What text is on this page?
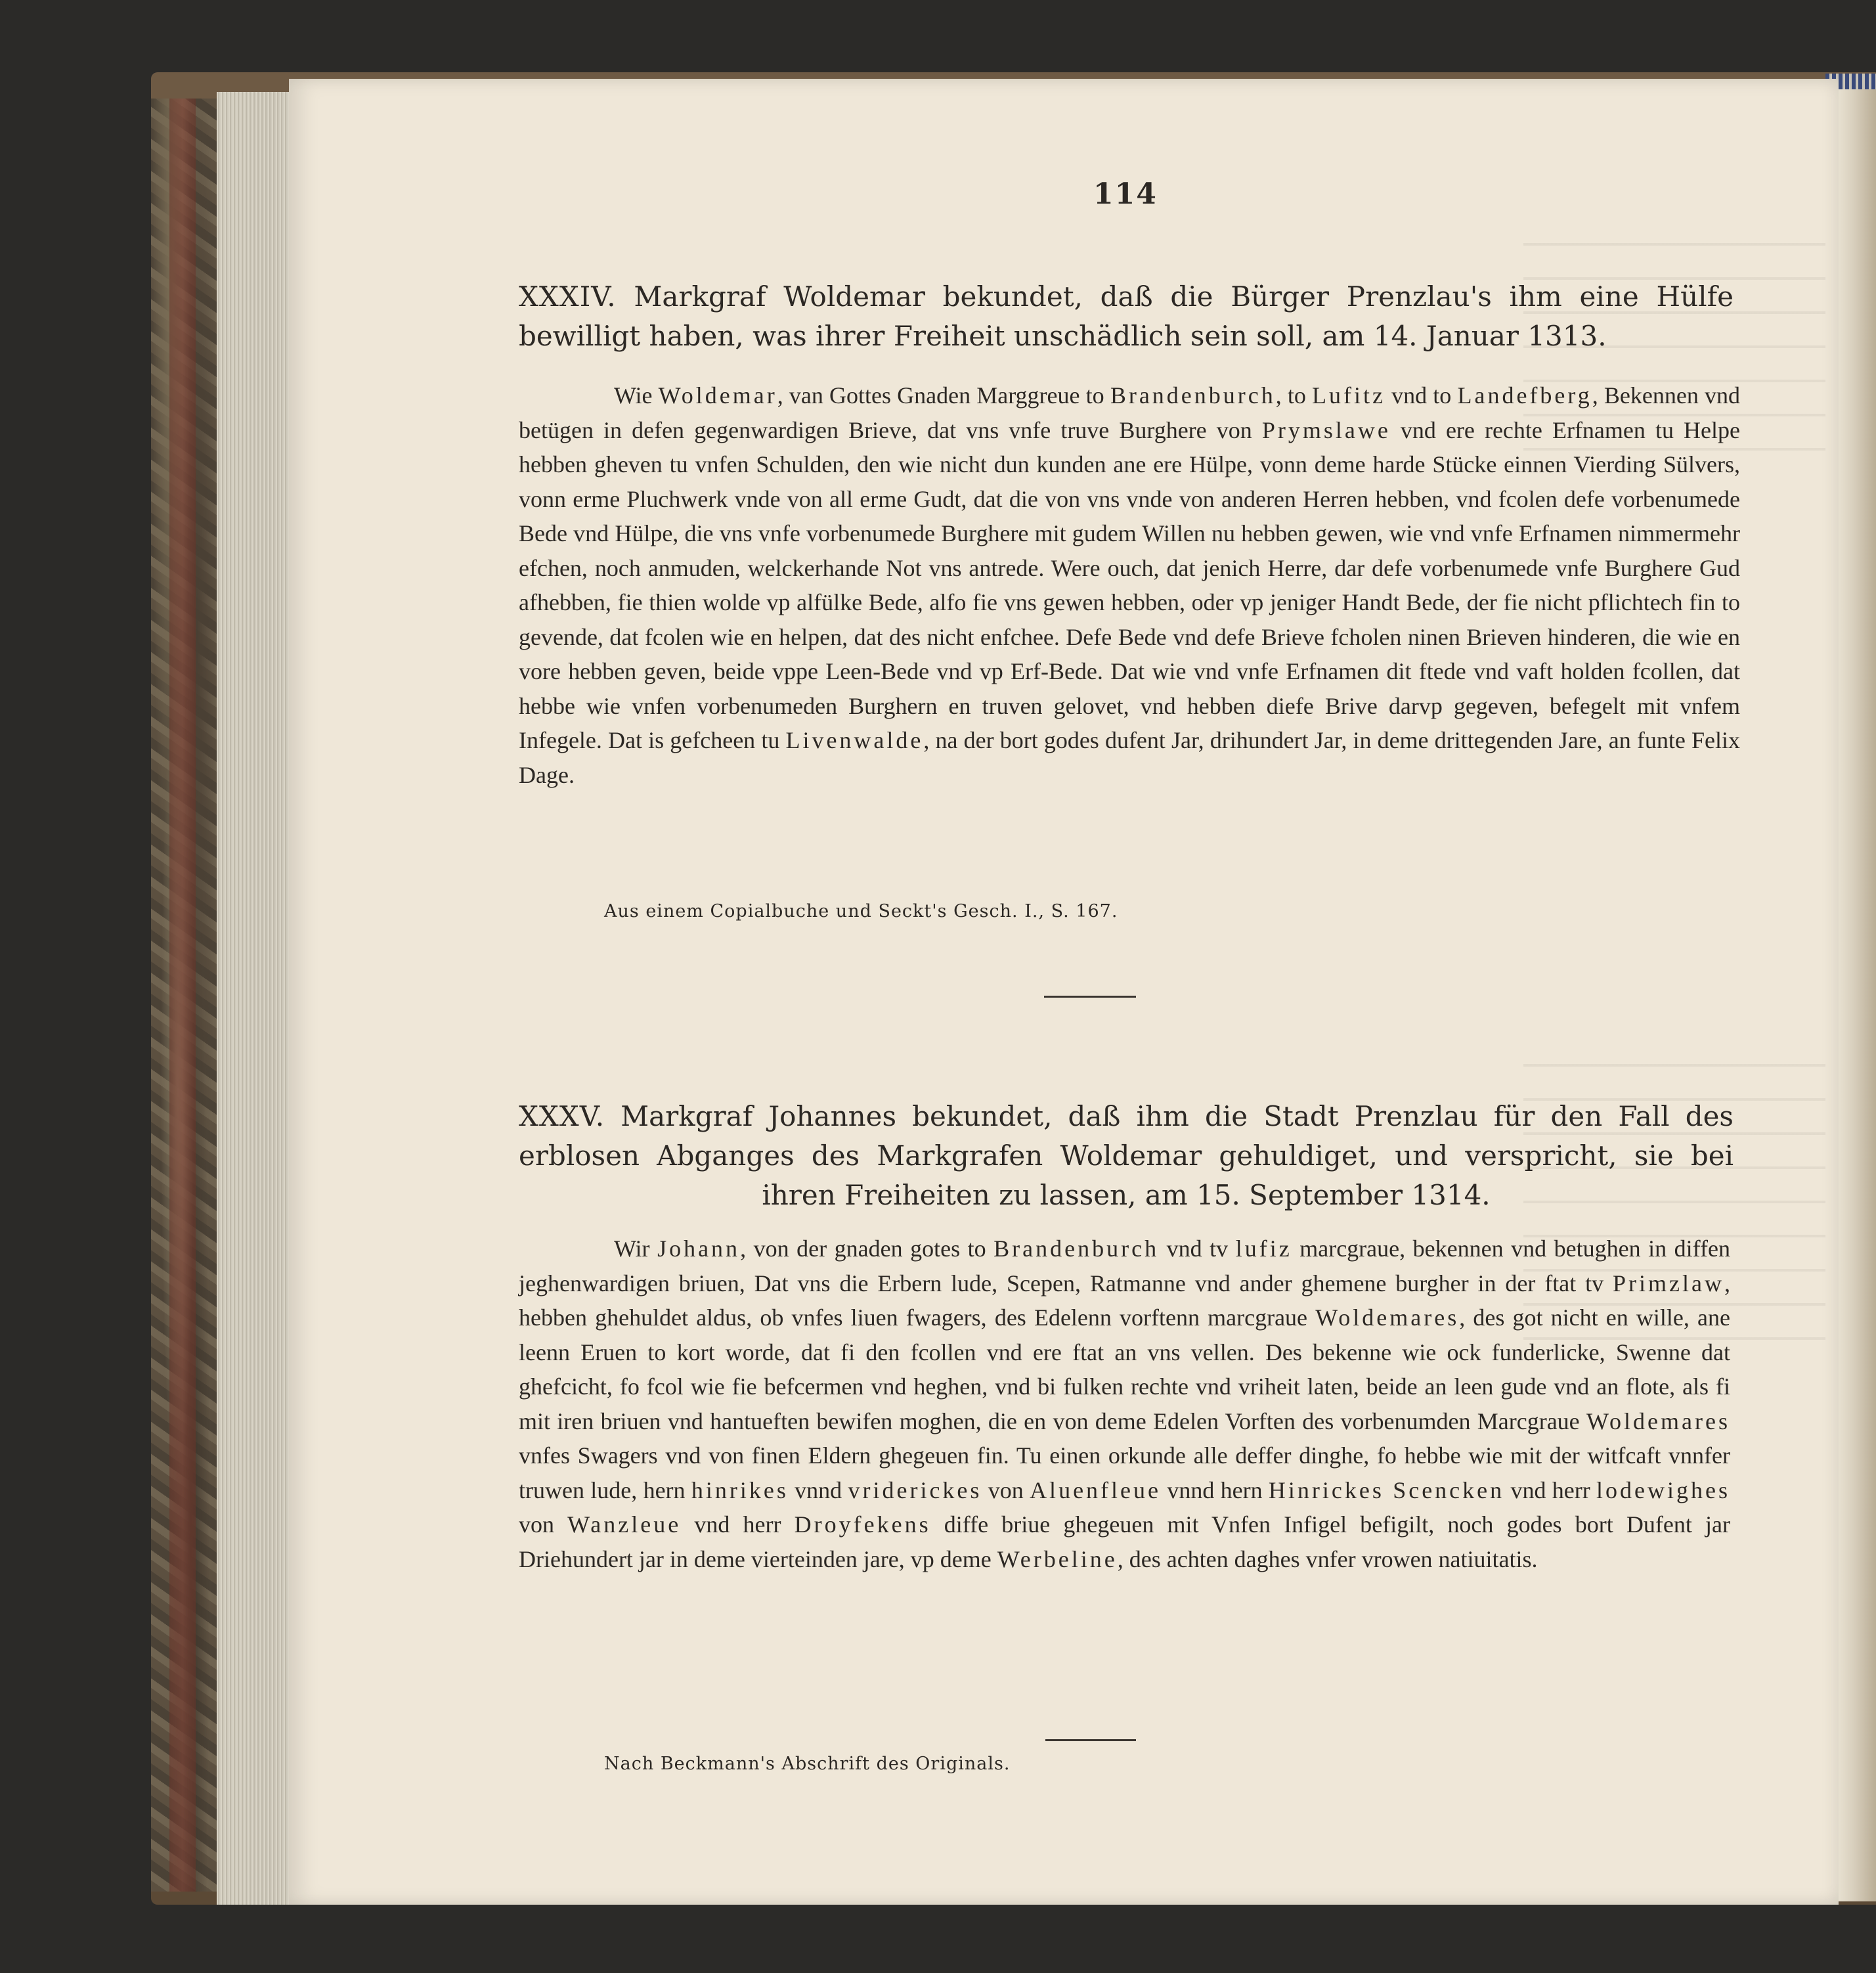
114
XXXIV. Markgraf Woldemar bekundet, daß die Bürger Prenzlau's ihm eine Hülfe bewilligt haben, was ihrer Freiheit unschädlich sein soll, am 14. Januar 1313.
Wie Woldemar, van Gottes Gnaden Marggreue to Brandenburch, to Lufitz vnd to Landefberg, Bekennen vnd betügen in defen gegenwardigen Brieve, dat vns vnfe truve Burghere von Prymslawe vnd ere rechte Erfnamen tu Helpe hebben gheven tu vnfen Schulden, den wie nicht dun kunden ane ere Hülpe, vonn deme harde Stücke einnen Vierding Sülvers, vonn erme Pluchwerk vnde von all erme Gudt, dat die von vns vnde von anderen Herren hebben, vnd fcolen defe vorbenumede Bede vnd Hülpe, die vns vnfe vorbenumede Burghere mit gudem Willen nu hebben gewen, wie vnd vnfe Erfnamen nimmermehr efchen, noch anmuden, welckerhande Not vns antrede. Were ouch, dat jenich Herre, dar defe vorbenumede vnfe Burghere Gud afhebben, fie thien wolde vp alfülke Bede, alfo fie vns gewen hebben, oder vp jeniger Handt Bede, der fie nicht pflichtech fin to gevende, dat fcolen wie en helpen, dat des nicht enfchee. Defe Bede vnd defe Brieve fcholen ninen Brieven hinderen, die wie en vore hebben geven, beide vppe Leen-Bede vnd vp Erf-Bede. Dat wie vnd vnfe Erfnamen dit ftede vnd vaft holden fcollen, dat hebbe wie vnfen vorbenumeden Burghern en truven gelovet, vnd hebben diefe Brive darvp gegeven, befegelt mit vnfem Infegele. Dat is gefcheen tu Livenwalde, na der bort godes dufent Jar, drihundert Jar, in deme drittegenden Jare, an funte Felix Dage.
Aus einem Copialbuche und Seckt's Gesch. I., S. 167.
XXXV. Markgraf Johannes bekundet, daß ihm die Stadt Prenzlau für den Fall des erblosen Abganges des Markgrafen Woldemar gehuldiget, und verspricht, sie bei ihren Freiheiten zu lassen, am 15. September 1314.
Wir Johann, von der gnaden gotes to Brandenburch vnd tv lufiz marcgraue, bekennen vnd betughen in diffen jeghenwardigen briuen, Dat vns die Erbern lude, Scepen, Ratmanne vnd ander ghemene burgher in der ftat tv Primzlaw, hebben ghehuldet aldus, ob vnfes liuen fwagers, des Edelenn vorftenn marcgraue Woldemares, des got nicht en wille, ane leenn Eruen to kort worde, dat fi den fcollen vnd ere ftat an vns vellen. Des bekenne wie ock funderlicke, Swenne dat ghefcicht, fo fcol wie fie befcermen vnd heghen, vnd bi fulken rechte vnd vriheit laten, beide an leen gude vnd an flote, als fi mit iren briuen vnd hantueften bewifen moghen, die en von deme Edelen Vorften des vorbenumden Marcgraue Woldemares vnfes Swagers vnd von finen Eldern ghegeuen fin. Tu einen orkunde alle deffer dinghe, fo hebbe wie mit der witfcaft vnnfer truwen lude, hern hinrikes vnnd vriderickes von Aluenfleue vnnd hern Hinrickes Scencken vnd herr lodewighes von Wanzleue vnd herr Droyfekens diffe briue ghegeuen mit Vnfen Infigel befigilt, noch godes bort Dufent jar Driehundert jar in deme vierteinden jare, vp deme Werbeline, des achten daghes vnfer vrowen natiuitatis.
Nach Beckmann's Abschrift des Originals.
